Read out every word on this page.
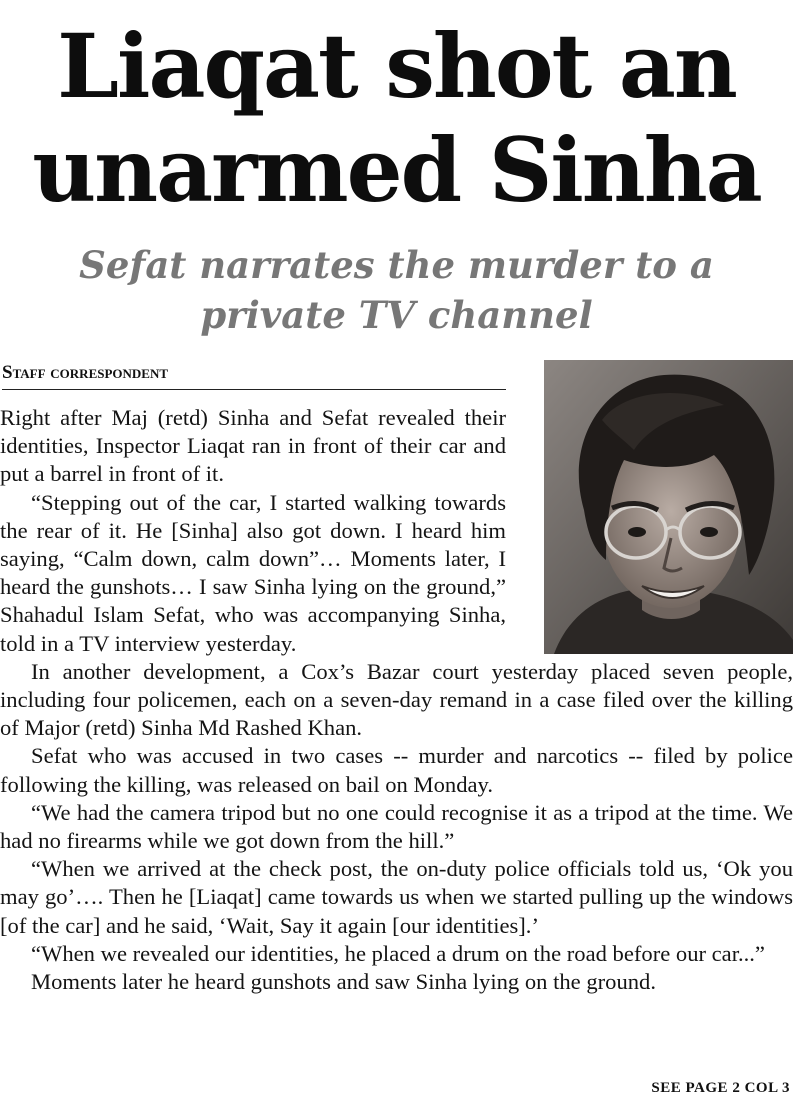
Liaqat shot an
unarmed Sinha
Sefat narrates the murder to a
private TV channel
Staff correspondent

Right after Maj (retd) Sinha and Sefat revealed their identities, Inspector Liaqat ran in front of their car and put a barrel in front of it.

“Stepping out of the car, I started walking towards the rear of it. He [Sinha] also got down. I heard him saying, “Calm down, calm down”… Moments later, I heard the gunshots… I saw Sinha lying on the ground,” Shahadul Islam Sefat, who was accompanying Sinha, told in a TV interview yesterday.

In another development, a Cox’s Bazar court yesterday placed seven people, including four policemen, each on a seven-day remand in a case filed over the killing of Major (retd) Sinha Md Rashed Khan.

Sefat who was accused in two cases -- murder and narcotics -- filed by police following the killing, was released on bail on Monday.

“We had the camera tripod but no one could recognise it as a tripod at the time. We had no firearms while we got down from the hill.”

“When we arrived at the check post, the on-duty police officials told us, ‘Ok you may go’…. Then he [Liaqat] came towards us when we started pulling up the windows [of the car] and he said, ‘Wait, Say it again [our identities].’

“When we revealed our identities, he placed a drum on the road before our car...”

Moments later he heard gunshots and saw Sinha lying on the ground.

SEE PAGE 2 COL 3
